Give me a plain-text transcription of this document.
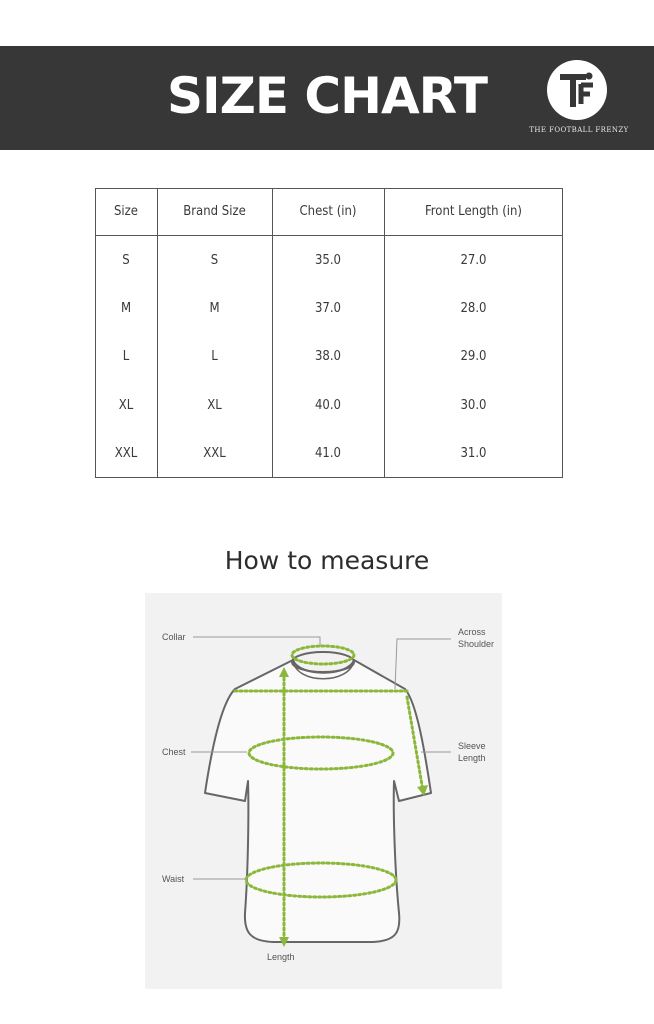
SIZE CHART
THE FOOTBALL FRENZY
Size	Brand Size	Chest (in)	Front Length (in)
S	S	35.0	27.0
M	M	37.0	28.0
L	L	38.0	29.0
XL	XL	40.0	30.0
XXL	XXL	41.0	31.0
How to measure
Collar	Across
Shoulder
Chest
Sleeve
Length
Waist
Length
